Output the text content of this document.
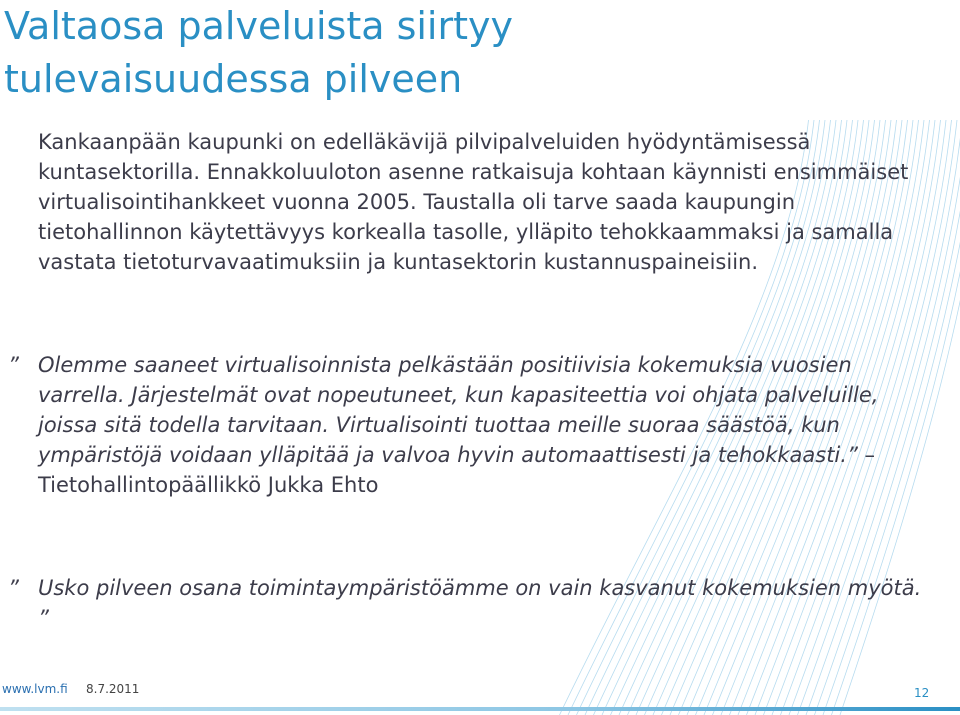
Valtaosa palveluista siirtyy
tulevaisuudessa pilveen

Kankaanpään kaupunki on edelläkävijä pilvipalveluiden hyödyntämisessä kuntasektorilla. Ennakkoluuloton asenne ratkaisuja kohtaan käynnisti ensimmäiset virtualisointihankkeet vuonna 2005. Taustalla oli tarve saada kaupungin tietohallinnon käytettävyys korkealla tasolle, ylläpito tehokkaammaksi ja samalla vastata tietoturvavaatimuksiin ja kuntasektorin kustannuspaineisiin.

” Olemme saaneet virtualisoinnista pelkästään positiivisia kokemuksia vuosien varrella. Järjestelmät ovat nopeutuneet, kun kapasiteettia voi ohjata palveluille, joissa sitä todella tarvitaan. Virtualisointi tuottaa meille suoraa säästöä, kun ympäristöjä voidaan ylläpitää ja valvoa hyvin automaattisesti ja tehokkaasti.” –Tietohallintopäällikkö Jukka Ehto

” Usko pilveen osana toimintaympäristöämme on vain kasvanut kokemuksien myötä. ”

www.lvm.fi 8.7.2011	12
